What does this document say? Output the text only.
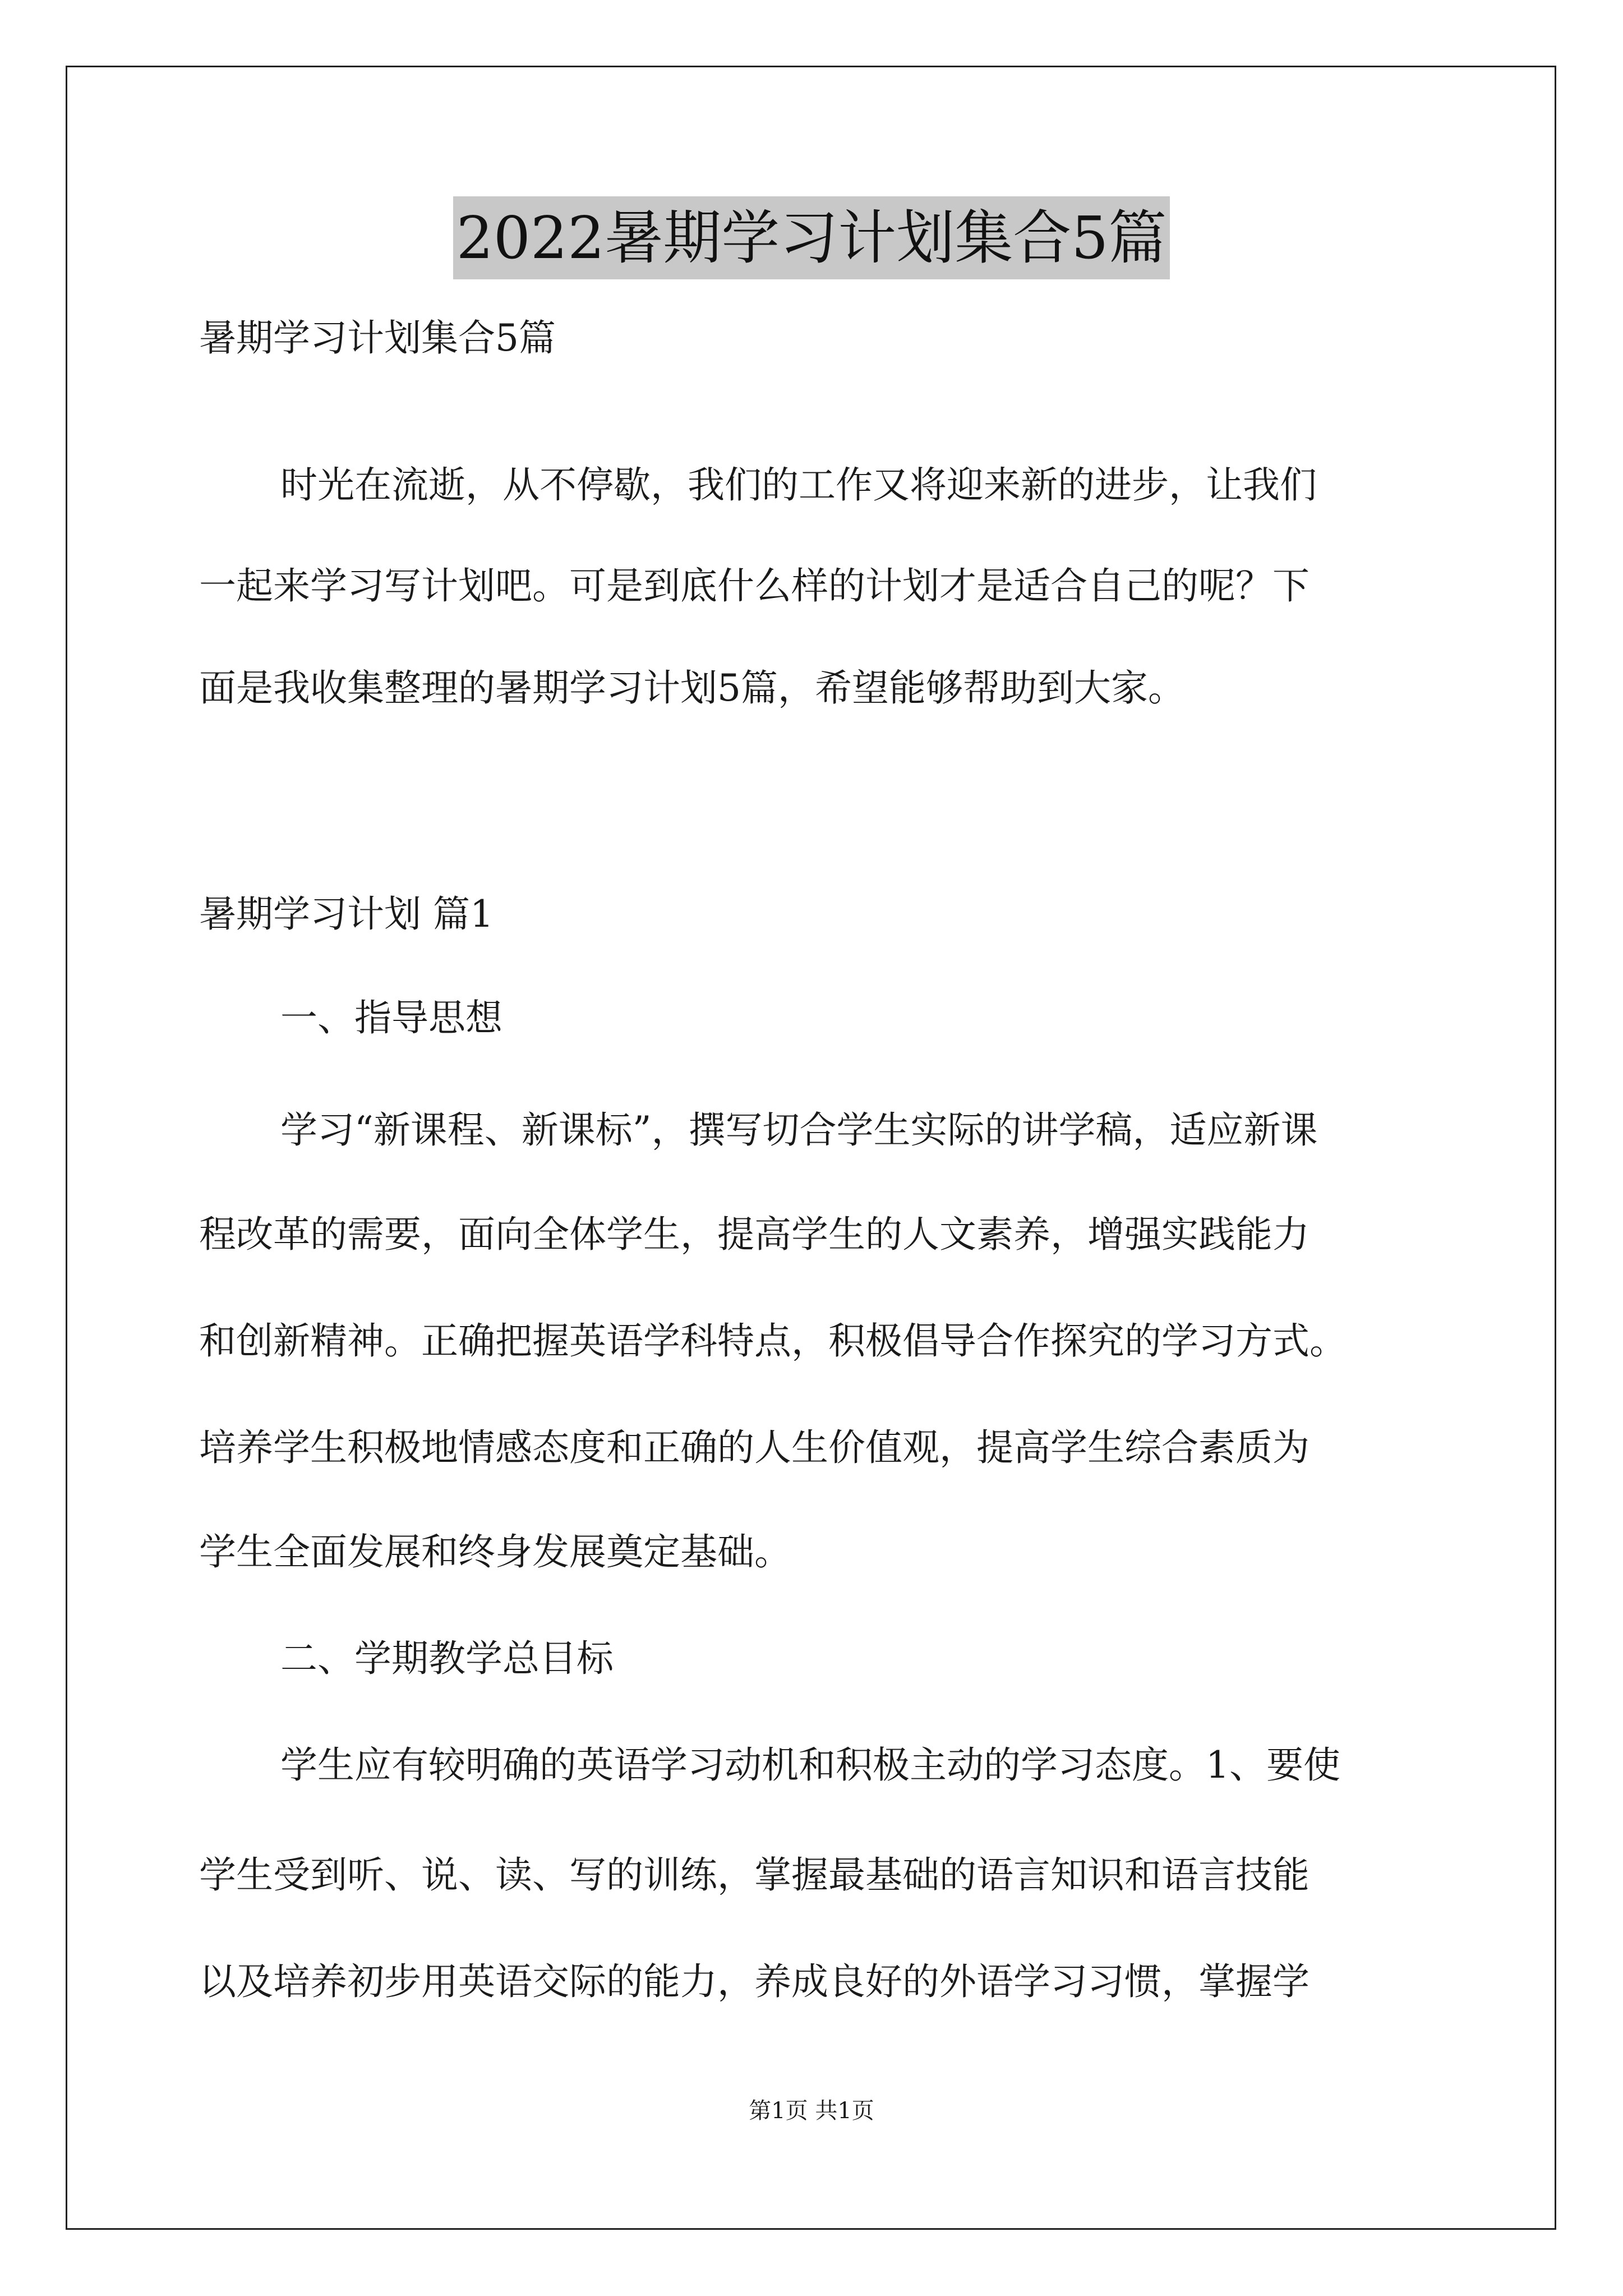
2022暑期学习计划集合5篇
暑期学习计划集合5篇
时光在流逝，从不停歇，我们的工作又将迎来新的进步，让我们
一起来学习写计划吧。可是到底什么样的计划才是适合自己的呢？下
面是我收集整理的暑期学习计划5篇，希望能够帮助到大家。
暑期学习计划 篇1
一、指导思想
学习“新课程、新课标”，撰写切合学生实际的讲学稿，适应新课
程改革的需要，面向全体学生，提高学生的人文素养，增强实践能力
和创新精神。正确把握英语学科特点，积极倡导合作探究的学习方式。
培养学生积极地情感态度和正确的人生价值观，提高学生综合素质为
学生全面发展和终身发展奠定基础。
二、学期教学总目标
学生应有较明确的英语学习动机和积极主动的学习态度。1、要使
学生受到听、说、读、写的训练，掌握最基础的语言知识和语言技能
以及培养初步用英语交际的能力，养成良好的外语学习习惯，掌握学
第1页 共1页
